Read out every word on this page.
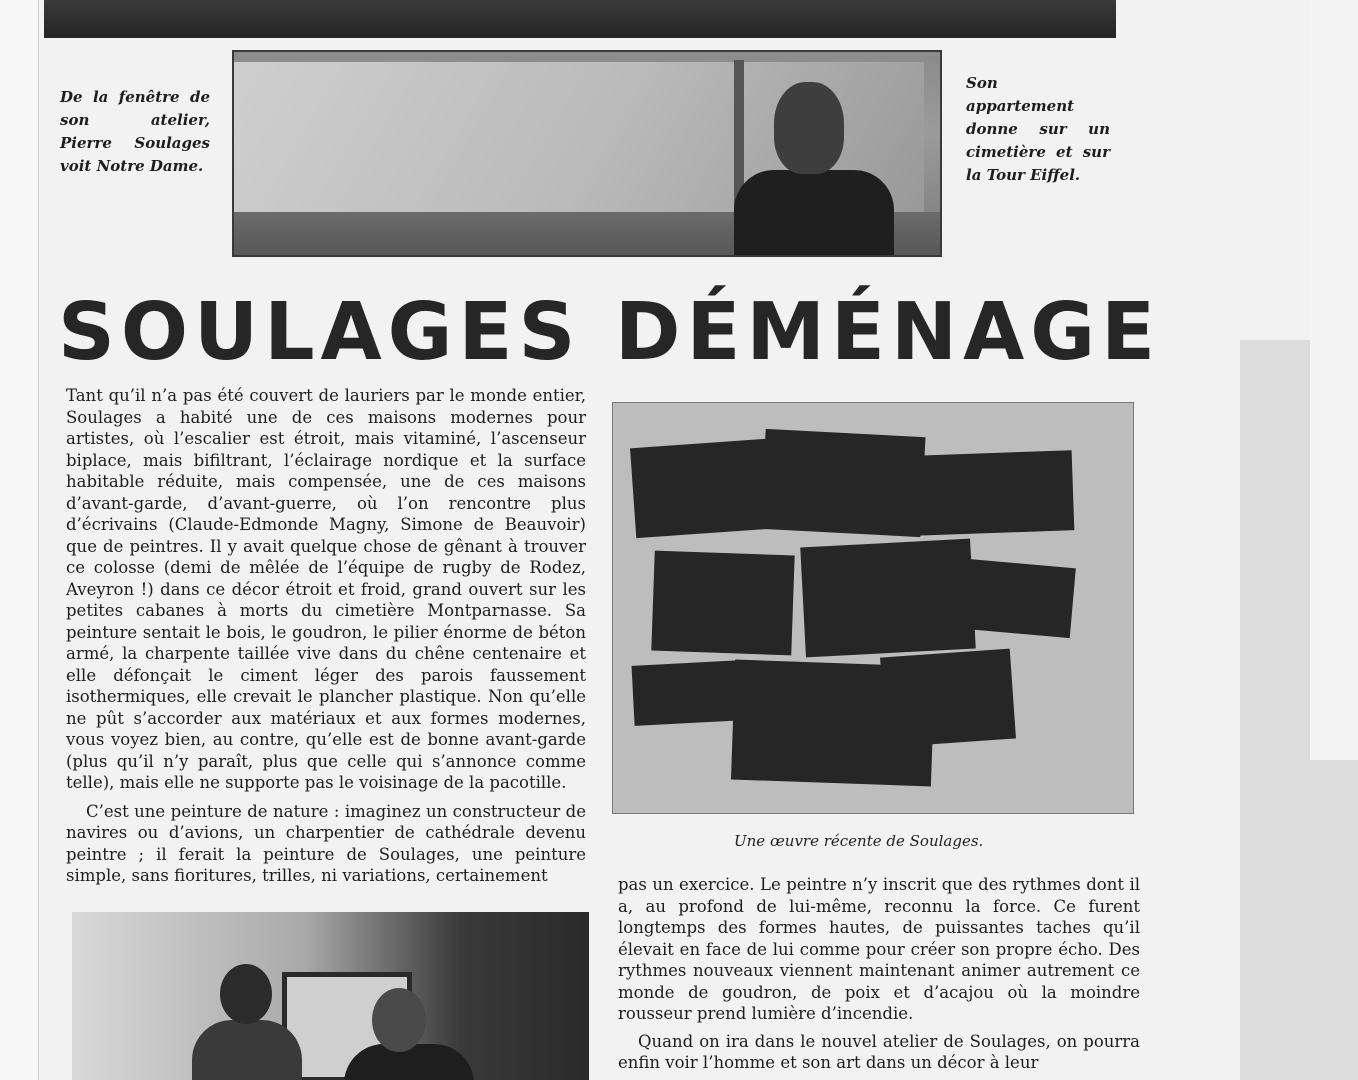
De la fenêtre de son atelier, Pierre Soulages voit Notre Dame.
Son appartement donne sur un cimetière et sur la Tour Eiffel.
SOULAGES DÉMÉNAGE

Tant qu’il n’a pas été couvert de lauriers par le monde entier, Soulages a habité une de ces maisons modernes pour artistes, où l’escalier est étroit, mais vitaminé, l’ascenseur biplace, mais bifiltrant, l’éclairage nordique et la surface habitable réduite, mais compensée, une de ces maisons d’avant-garde, d’avant-guerre, où l’on rencontre plus d’écrivains (Claude-Edmonde Magny, Simone de Beauvoir) que de peintres. Il y avait quelque chose de gênant à trouver ce colosse (demi de mêlée de l’équipe de rugby de Rodez, Aveyron !) dans ce décor étroit et froid, grand ouvert sur les petites cabanes à morts du cimetière Montparnasse. Sa peinture sentait le bois, le goudron, le pilier énorme de béton armé, la charpente taillée vive dans du chêne centenaire et elle défonçait le ciment léger des parois faussement isothermiques, elle crevait le plancher plastique. Non qu’elle ne pût s’accorder aux matériaux et aux formes modernes, vous voyez bien, au contre, qu’elle est de bonne avant-garde (plus qu’il n’y paraît, plus que celle qui s’annonce comme telle), mais elle ne supporte pas le voisinage de la pacotille.

C’est une peinture de nature : imaginez un constructeur de navires ou d’avions, un charpentier de cathédrale devenu peintre ; il ferait la peinture de Soulages, une peinture simple, sans fioritures, trilles, ni variations, certainement

Une œuvre récente de Soulages.

pas un exercice. Le peintre n’y inscrit que des rythmes dont il a, au profond de lui-même, reconnu la force. Ce furent longtemps des formes hautes, de puissantes taches qu’il élevait en face de lui comme pour créer son propre écho. Des rythmes nouveaux viennent maintenant animer autrement ce monde de goudron, de poix et d’acajou où la moindre rousseur prend lumière d’incendie.

Quand on ira dans le nouvel atelier de Soulages, on pourra enfin voir l’homme et son art dans un décor à leur
